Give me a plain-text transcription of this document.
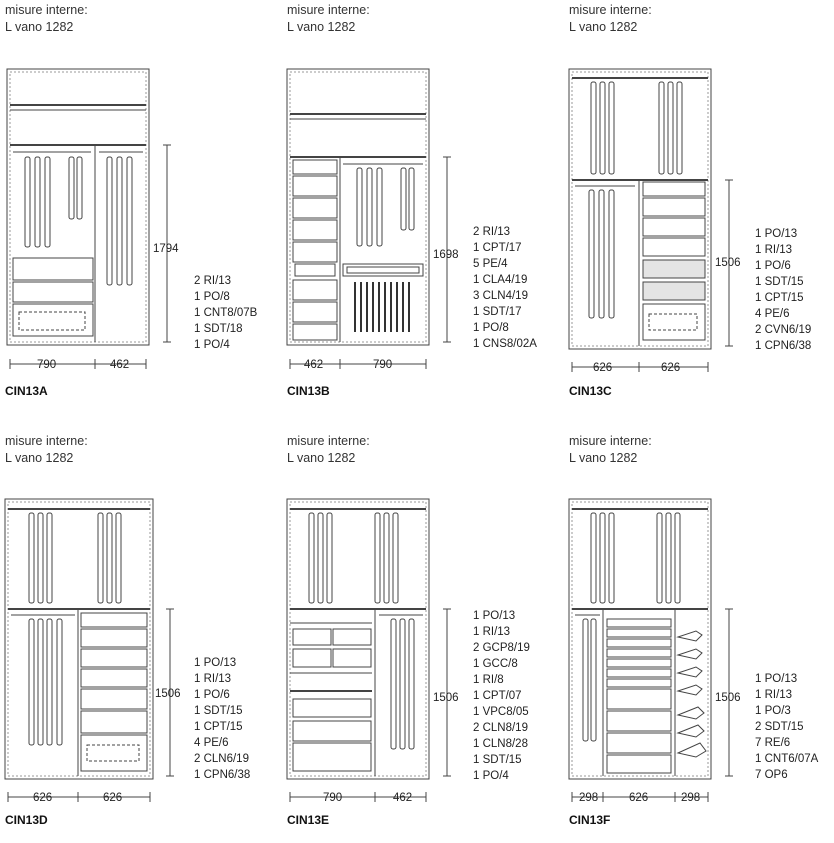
misure interne:
L vano 1282
1794
790	462
2 RI/13
1 PO/8
1 CNT8/07B
1 SDT/18
1 PO/4
CIN13A
misure interne:
L vano 1282
1698
462	790
2 RI/13
1 CPT/17
5 PE/4
1 CLA4/19
3 CLN4/19
1 SDT/17
1 PO/8
1 CNS8/02A
CIN13B
misure interne:
L vano 1282
1506
626	626
1 PO/13
1 RI/13
1 PO/6
1 SDT/15
1 CPT/15
4 PE/6
2 CVN6/19
1 CPN6/38
CIN13C
misure interne:
L vano 1282
1506
626	626
1 PO/13
1 RI/13
1 PO/6
1 SDT/15
1 CPT/15
4 PE/6
2 CLN6/19
1 CPN6/38
CIN13D
misure interne:
L vano 1282
1506
790	462
1 PO/13
1 RI/13
2 GCP8/19
1 GCC/8
1 RI/8
1 CPT/07
1 VPC8/05
2 CLN8/19
1 CLN8/28
1 SDT/15
1 PO/4
CIN13E
misure interne:
L vano 1282
1506
298	626	298
1 PO/13
1 RI/13
1 PO/3
2 SDT/15
7 RE/6
1 CNT6/07A
7 OP6
CIN13F
